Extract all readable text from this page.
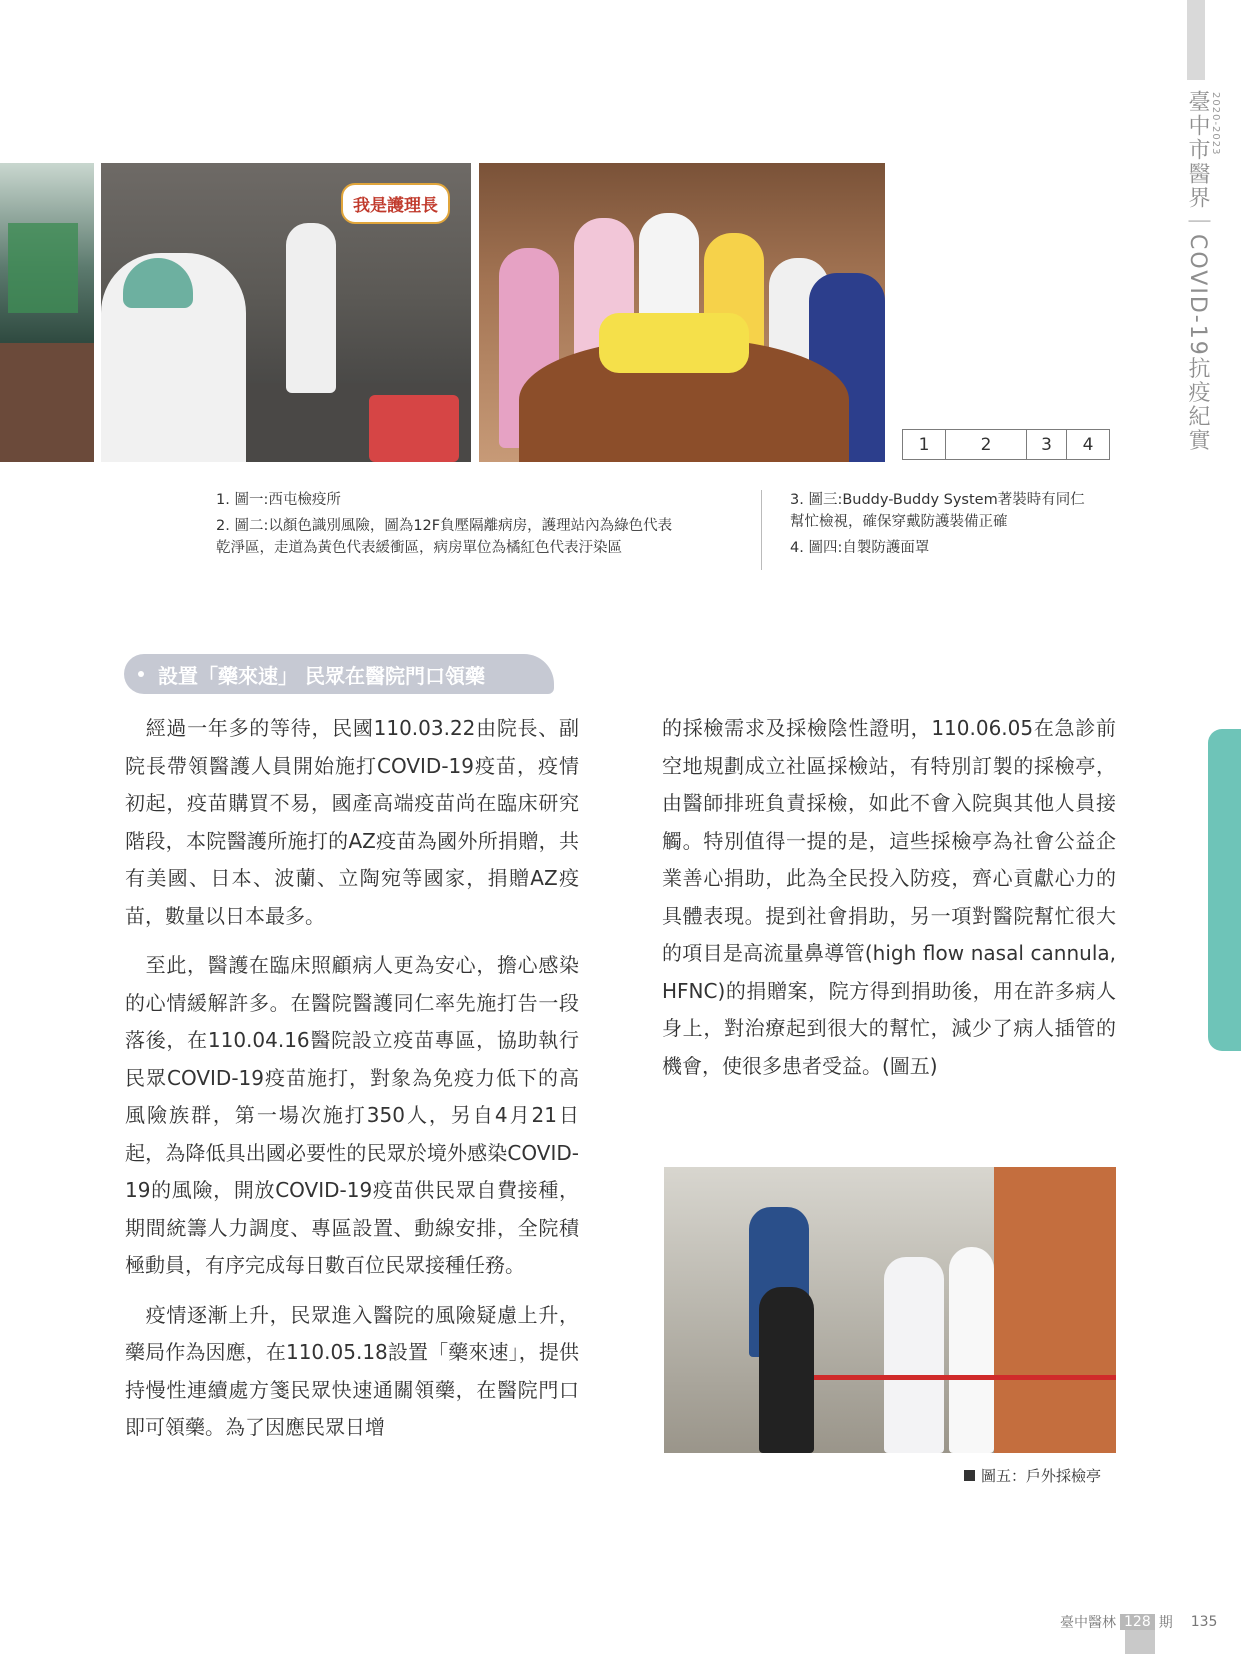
臺中市醫界｜COVID-19抗疫紀實 2020-2023
我是護理長
1	2	3	4

1. 圖一:西屯檢疫所

2. 圖二:以顏色識別風險，圖為12F負壓隔離病房，護理站內為綠色代表
乾淨區，走道為黃色代表緩衝區，病房單位為橘紅色代表汙染區

3. 圖三:Buddy-Buddy System著裝時有同仁
幫忙檢視，確保穿戴防護裝備正確

4. 圖四:自製防護面罩

設置「藥來速」 民眾在醫院門口領藥

　經過一年多的等待，民國110.03.22由院長、副院長帶領醫護人員開始施打COVID-19疫苗，疫情初起，疫苗購買不易，國產高端疫苗尚在臨床研究階段，本院醫護所施打的AZ疫苗為國外所捐贈，共有美國、日本、波蘭、立陶宛等國家，捐贈AZ疫苗，數量以日本最多。

　至此，醫護在臨床照顧病人更為安心，擔心感染的心情緩解許多。在醫院醫護同仁率先施打告一段落後，在110.04.16醫院設立疫苗專區，協助執行民眾COVID-19疫苗施打，對象為免疫力低下的高風險族群，第一場次施打350人，另自4月21日起，為降低具出國必要性的民眾於境外感染COVID-19的風險，開放COVID-19疫苗供民眾自費接種，期間統籌人力調度、專區設置、動線安排，全院積極動員，有序完成每日數百位民眾接種任務。

　疫情逐漸上升，民眾進入醫院的風險疑慮上升，藥局作為因應，在110.05.18設置「藥來速」，提供持慢性連續處方箋民眾快速通關領藥，在醫院門口即可領藥。為了因應民眾日增

的採檢需求及採檢陰性證明，110.06.05在急診前空地規劃成立社區採檢站，有特別訂製的採檢亭，由醫師排班負責採檢，如此不會入院與其他人員接觸。特別值得一提的是，這些採檢亭為社會公益企業善心捐助，此為全民投入防疫，齊心貢獻心力的具體表現。提到社會捐助，另一項對醫院幫忙很大的項目是高流量鼻導管(high flow nasal cannula, HFNC)的捐贈案，院方得到捐助後，用在許多病人身上，對治療起到很大的幫忙，減少了病人插管的機會，使很多患者受益。(圖五)

圖五：戶外採檢亭
臺中醫林 128 期 135
